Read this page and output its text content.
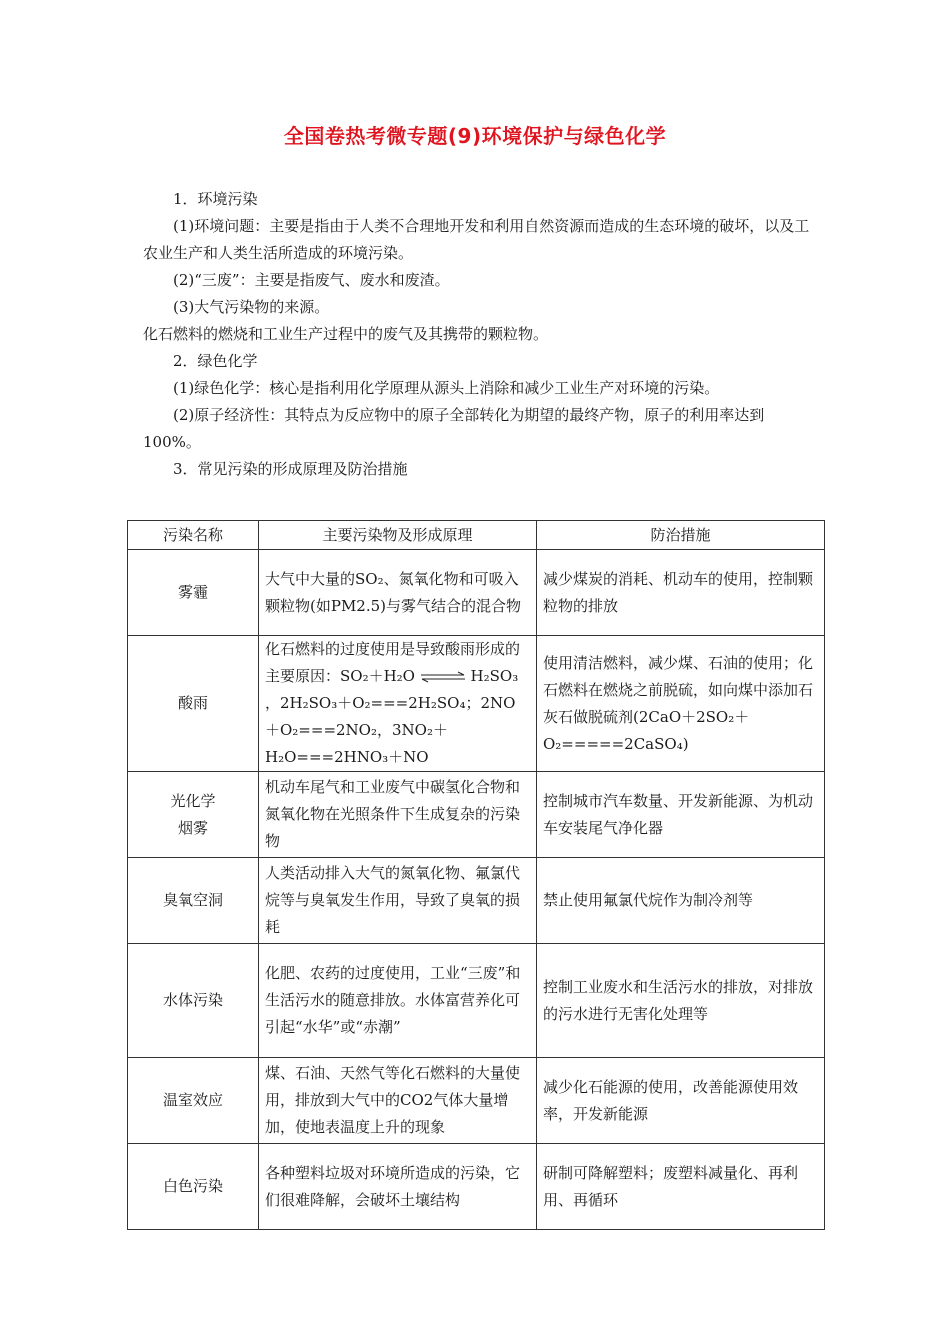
全国卷热考微专题(9)环境保护与绿色化学

1．环境污染

(1)环境问题：主要是指由于人类不合理地开发和利用自然资源而造成的生态环境的破坏，以及工农业生产和人类生活所造成的环境污染。

(2)“三废”：主要是指废气、废水和废渣。

(3)大气污染物的来源。

化石燃料的燃烧和工业生产过程中的废气及其携带的颗粒物。

2．绿色化学

(1)绿色化学：核心是指利用化学原理从源头上消除和减少工业生产对环境的污染。

(2)原子经济性：其特点为反应物中的原子全部转化为期望的最终产物，原子的利用率达到100%。

3．常见污染的形成原理及防治措施

污染名称	主要污染物及形成原理	防治措施
雾霾	大气中大量的SO₂、氮氧化物和可吸入颗粒物(如PM2.5)与雾气结合的混合物	减少煤炭的消耗、机动车的使用，控制颗粒物的排放
酸雨	化石燃料的过度使用是导致酸雨形成的主要原因：SO₂＋H₂O ⇌ H₂SO₃ ，2H₂SO₃＋O₂===2H₂SO₄；2NO＋O₂===2NO₂，3NO₂＋H₂O===2HNO₃＋NO	使用清洁燃料，减少煤、石油的使用；化石燃料在燃烧之前脱硫，如向煤中添加石灰石做脱硫剂(2CaO＋2SO₂＋O₂=====2CaSO₄)

光化学
烟雾	机动车尾气和工业废气中碳氢化合物和氮氧化物在光照条件下生成复杂的污染物	控制城市汽车数量、开发新能源、为机动车安装尾气净化器
臭氧空洞	人类活动排入大气的氮氧化物、氟氯代烷等与臭氧发生作用，导致了臭氧的损耗	禁止使用氟氯代烷作为制冷剂等
水体污染	化肥、农药的过度使用，工业“三废”和生活污水的随意排放。水体富营养化可引起“水华”或“赤潮”	控制工业废水和生活污水的排放，对排放的污水进行无害化处理等
温室效应	煤、石油、天然气等化石燃料的大量使用，排放到大气中的CO2气体大量增加，使地表温度上升的现象	减少化石能源的使用，改善能源使用效率，开发新能源
白色污染	各种塑料垃圾对环境所造成的污染，它们很难降解，会破坏土壤结构	研制可降解塑料；废塑料减量化、再利用、再循环
